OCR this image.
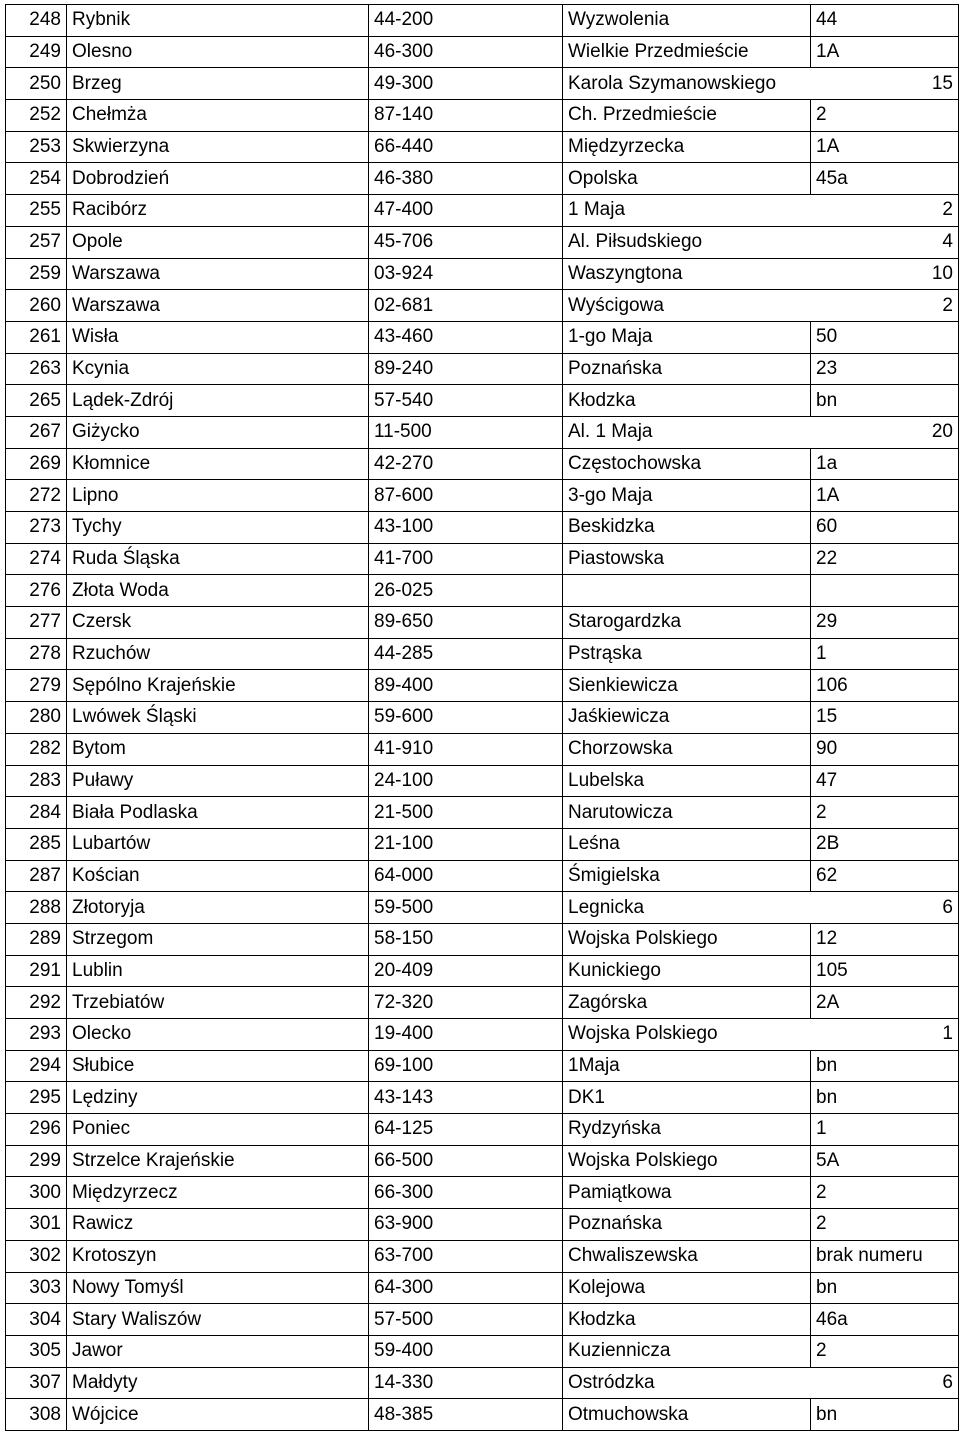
248	Rybnik	44-200	Wyzwolenia	44
249	Olesno	46-300	Wielkie Przedmieście	1A
250	Brzeg	49-300	Karola Szymanowskiego	15
252	Chełmża	87-140	Ch. Przedmieście	2
253	Skwierzyna	66-440	Międzyrzecka	1A
254	Dobrodzień	46-380	Opolska	45a
255	Racibórz	47-400	1 Maja	2
257	Opole	45-706	Al. Piłsudskiego	4
259	Warszawa	03-924	Waszyngtona	10
260	Warszawa	02-681	Wyścigowa	2
261	Wisła	43-460	1-go Maja	50
263	Kcynia	89-240	Poznańska	23
265	Lądek-Zdrój	57-540	Kłodzka	bn
267	Giżycko	11-500	Al. 1 Maja	20
269	Kłomnice	42-270	Częstochowska	1a
272	Lipno	87-600	3-go Maja	1A
273	Tychy	43-100	Beskidzka	60
274	Ruda Śląska	41-700	Piastowska	22
276	Złota Woda	26-025		
277	Czersk	89-650	Starogardzka	29
278	Rzuchów	44-285	Pstrąska	1
279	Sępólno Krajeńskie	89-400	Sienkiewicza	106
280	Lwówek Śląski	59-600	Jaśkiewicza	15
282	Bytom	41-910	Chorzowska	90
283	Puławy	24-100	Lubelska	47
284	Biała Podlaska	21-500	Narutowicza	2
285	Lubartów	21-100	Leśna	2B
287	Kościan	64-000	Śmigielska	62
288	Złotoryja	59-500	Legnicka	6
289	Strzegom	58-150	Wojska Polskiego	12
291	Lublin	20-409	Kunickiego	105
292	Trzebiatów	72-320	Zagórska	2A
293	Olecko	19-400	Wojska Polskiego	1
294	Słubice	69-100	1Maja	bn
295	Lędziny	43-143	DK1	bn
296	Poniec	64-125	Rydzyńska	1
299	Strzelce Krajeńskie	66-500	Wojska Polskiego	5A
300	Międzyrzecz	66-300	Pamiątkowa	2
301	Rawicz	63-900	Poznańska	2
302	Krotoszyn	63-700	Chwaliszewska	brak numeru
303	Nowy Tomyśl	64-300	Kolejowa	bn
304	Stary Waliszów	57-500	Kłodzka	46a
305	Jawor	59-400	Kuziennicza	2
307	Małdyty	14-330	Ostródzka	6
308	Wójcice	48-385	Otmuchowska	bn
